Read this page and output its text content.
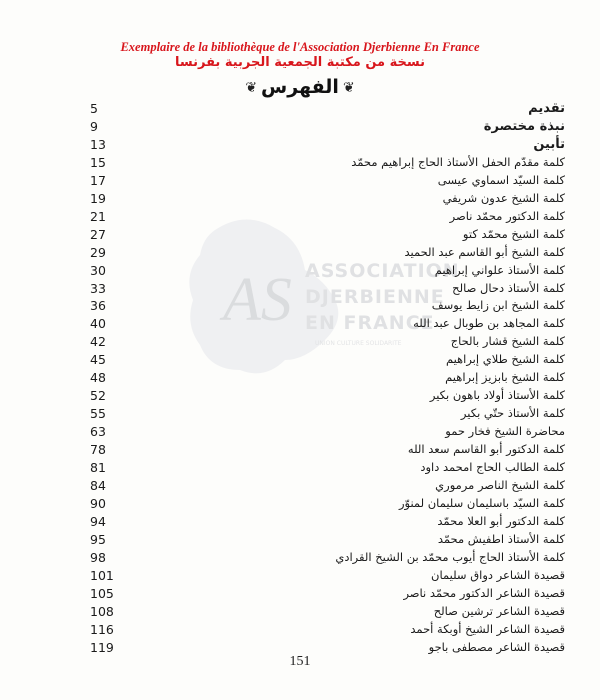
Exemplaire de la bibliothèque de l'Association Djerbienne En France
نسخة من مكتبة الجمعية الجربية بفرنسا
❦الفهرس❦
AS ASSOCIATION
DJERBIENNE
EN FRANCE
UNION CULTURE SOLIDARITE
5	تقديم
9	نبذة مختصرة
13	تأبين
15	كلمة مقدّم الحفل الأستاذ الحاج إبراهيم محمّد
17	كلمة السيّد اسماوي عيسى
19	كلمة الشيخ عدون شريفي
21	كلمة الدكتور محمّد ناصر
27	كلمة الشيخ محمّد كتو
29	كلمة الشيخ أبو القاسم عبد الحميد
30	كلمة الأستاذ علواني إبراهيم
33	كلمة الأستاذ دحال صالح
36	كلمة الشيخ ابن زايط يوسف
40	كلمة المجاهد بن طوبال عبد الله
42	كلمة الشيخ قشار بالحاج
45	كلمة الشيخ طلاي إبراهيم
48	كلمة الشيخ بابزيز إبراهيم
52	كلمة الأستاذ أولاد باهون بكير
55	كلمة الأستاذ حتّي بكير
63	محاضرة الشيخ فخار حمو
78	كلمة الدكتور أبو القاسم سعد الله
81	كلمة الطالب الحاج امحمد داود
84	كلمة الشيخ الناصر مرموري
90	كلمة السيّد باسليمان سليمان لمنوّر
94	كلمة الدكتور أبو العلا محمّد
95	كلمة الأستاذ اطفيش محمّد
98	كلمة الأستاذ الحاج أيوب محمّد بن الشيخ القرادي
101	قصيدة الشاعر دواق سليمان
105	قصيدة الشاعر الدكتور محمّد ناصر
108	قصيدة الشاعر ترشين صالح
116	قصيدة الشاعر الشيخ أوبكة أحمد
119	قصيدة الشاعر مصطفى باجو
151
